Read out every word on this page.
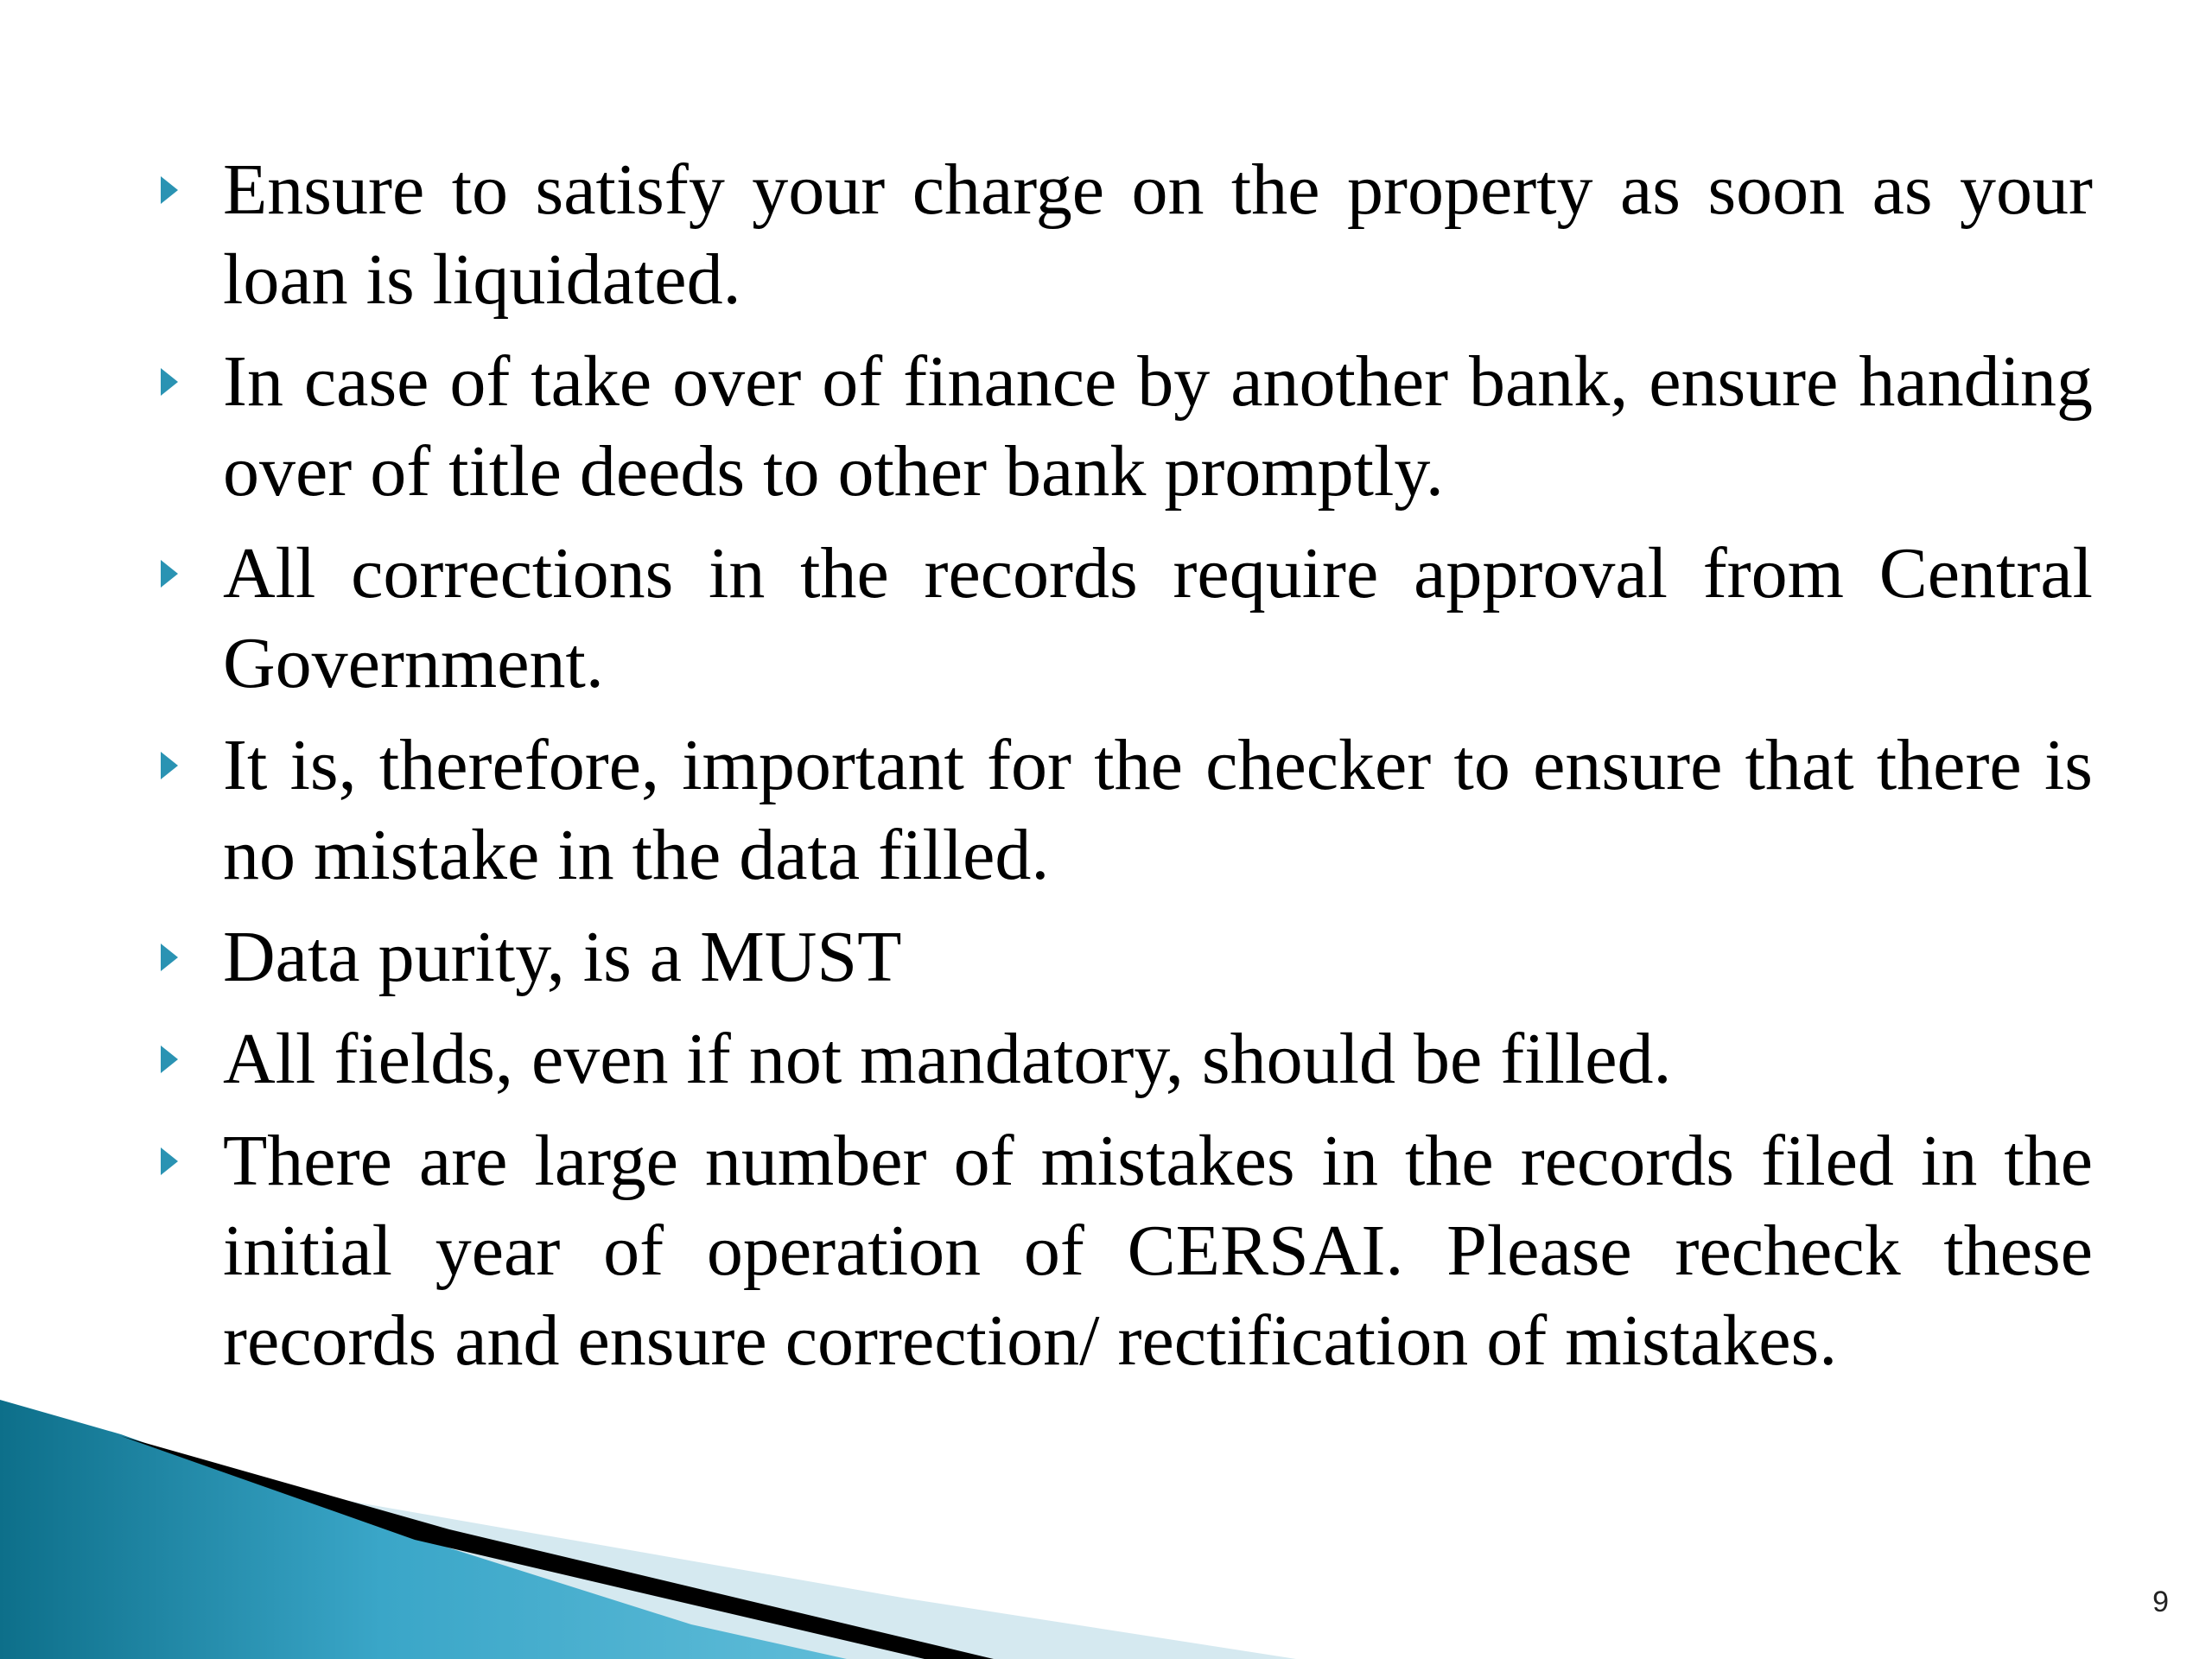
Ensure to satisfy your charge on the property as soon as your loan is liquidated.
In case of take over of finance by another bank, ensure handing over of title deeds to other bank promptly.
All corrections in the records require approval from Central Government.
It is, therefore, important for the checker to ensure that there is no mistake in the data filled.
Data purity, is a MUST
All fields, even if not mandatory, should be filled.
There are large number of mistakes in the records filed in the initial year of operation of CERSAI. Please recheck these records and ensure correction/ rectification of mistakes.
9
